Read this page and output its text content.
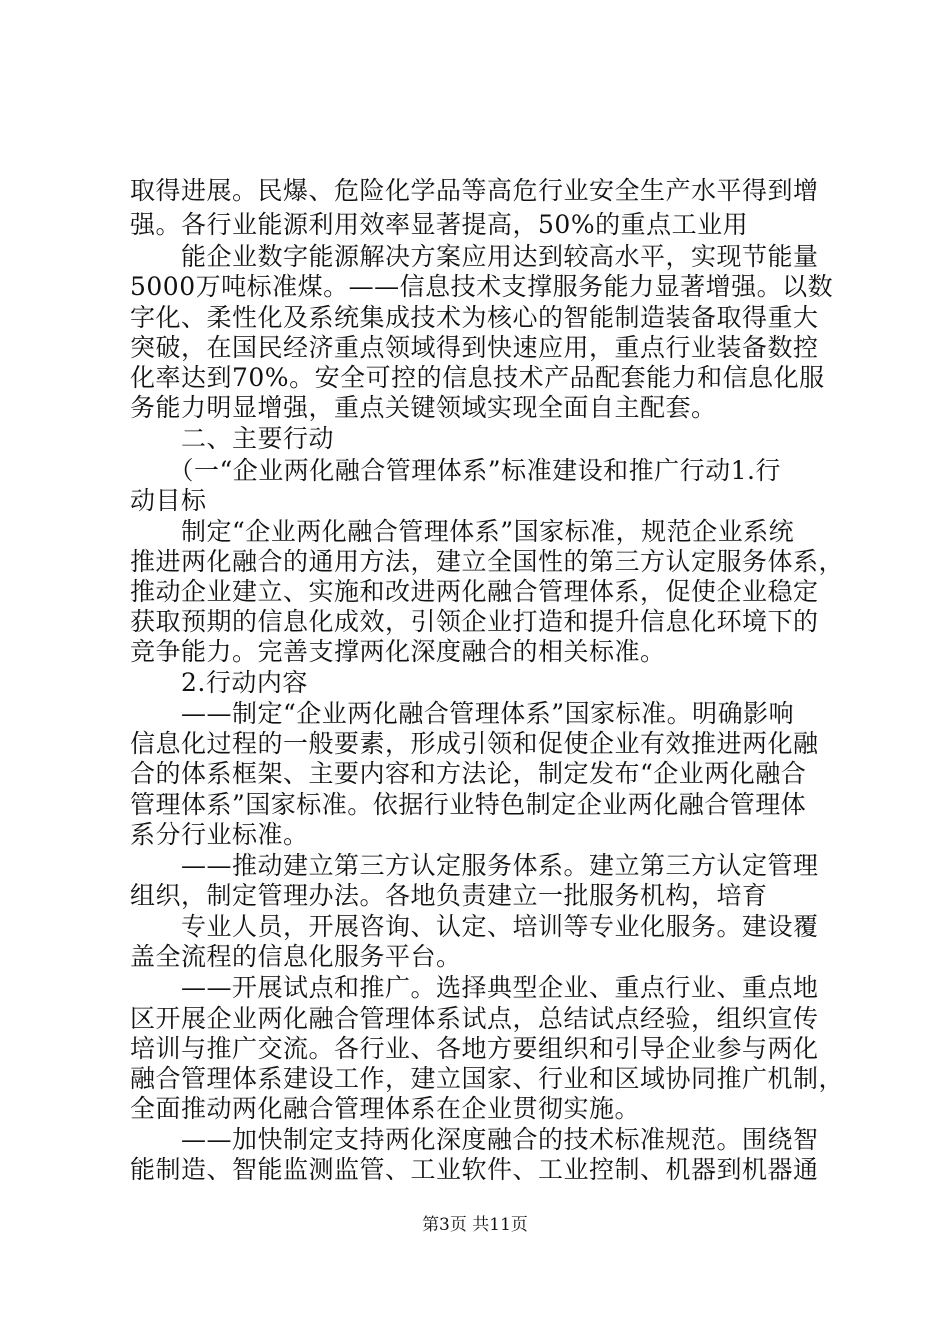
取得进展。民爆、危险化学品等高危行业安全生产水平得到增
强。各行业能源利用效率显著提高，50%的重点工业用
　　能企业数字能源解决方案应用达到较高水平，实现节能量
5000万吨标准煤。——信息技术支撑服务能力显著增强。以数
字化、柔性化及系统集成技术为核心的智能制造装备取得重大
突破，在国民经济重点领域得到快速应用，重点行业装备数控
化率达到70%。安全可控的信息技术产品配套能力和信息化服
务能力明显增强，重点关键领域实现全面自主配套。
　　二、主要行动
　　（一“企业两化融合管理体系”标准建设和推广行动1.行
动目标
　　制定“企业两化融合管理体系”国家标准，规范企业系统
推进两化融合的通用方法，建立全国性的第三方认定服务体系，
推动企业建立、实施和改进两化融合管理体系，促使企业稳定
获取预期的信息化成效，引领企业打造和提升信息化环境下的
竞争能力。完善支撑两化深度融合的相关标准。
　　2.行动内容
　　——制定“企业两化融合管理体系”国家标准。明确影响
信息化过程的一般要素，形成引领和促使企业有效推进两化融
合的体系框架、主要内容和方法论，制定发布“企业两化融合
管理体系”国家标准。依据行业特色制定企业两化融合管理体
系分行业标准。
　　——推动建立第三方认定服务体系。建立第三方认定管理
组织，制定管理办法。各地负责建立一批服务机构，培育
　　专业人员，开展咨询、认定、培训等专业化服务。建设覆
盖全流程的信息化服务平台。
　　——开展试点和推广。选择典型企业、重点行业、重点地
区开展企业两化融合管理体系试点，总结试点经验，组织宣传
培训与推广交流。各行业、各地方要组织和引导企业参与两化
融合管理体系建设工作，建立国家、行业和区域协同推广机制，
全面推动两化融合管理体系在企业贯彻实施。
　　——加快制定支持两化深度融合的技术标准规范。围绕智
能制造、智能监测监管、工业软件、工业控制、机器到机器通
第3页 共11页
